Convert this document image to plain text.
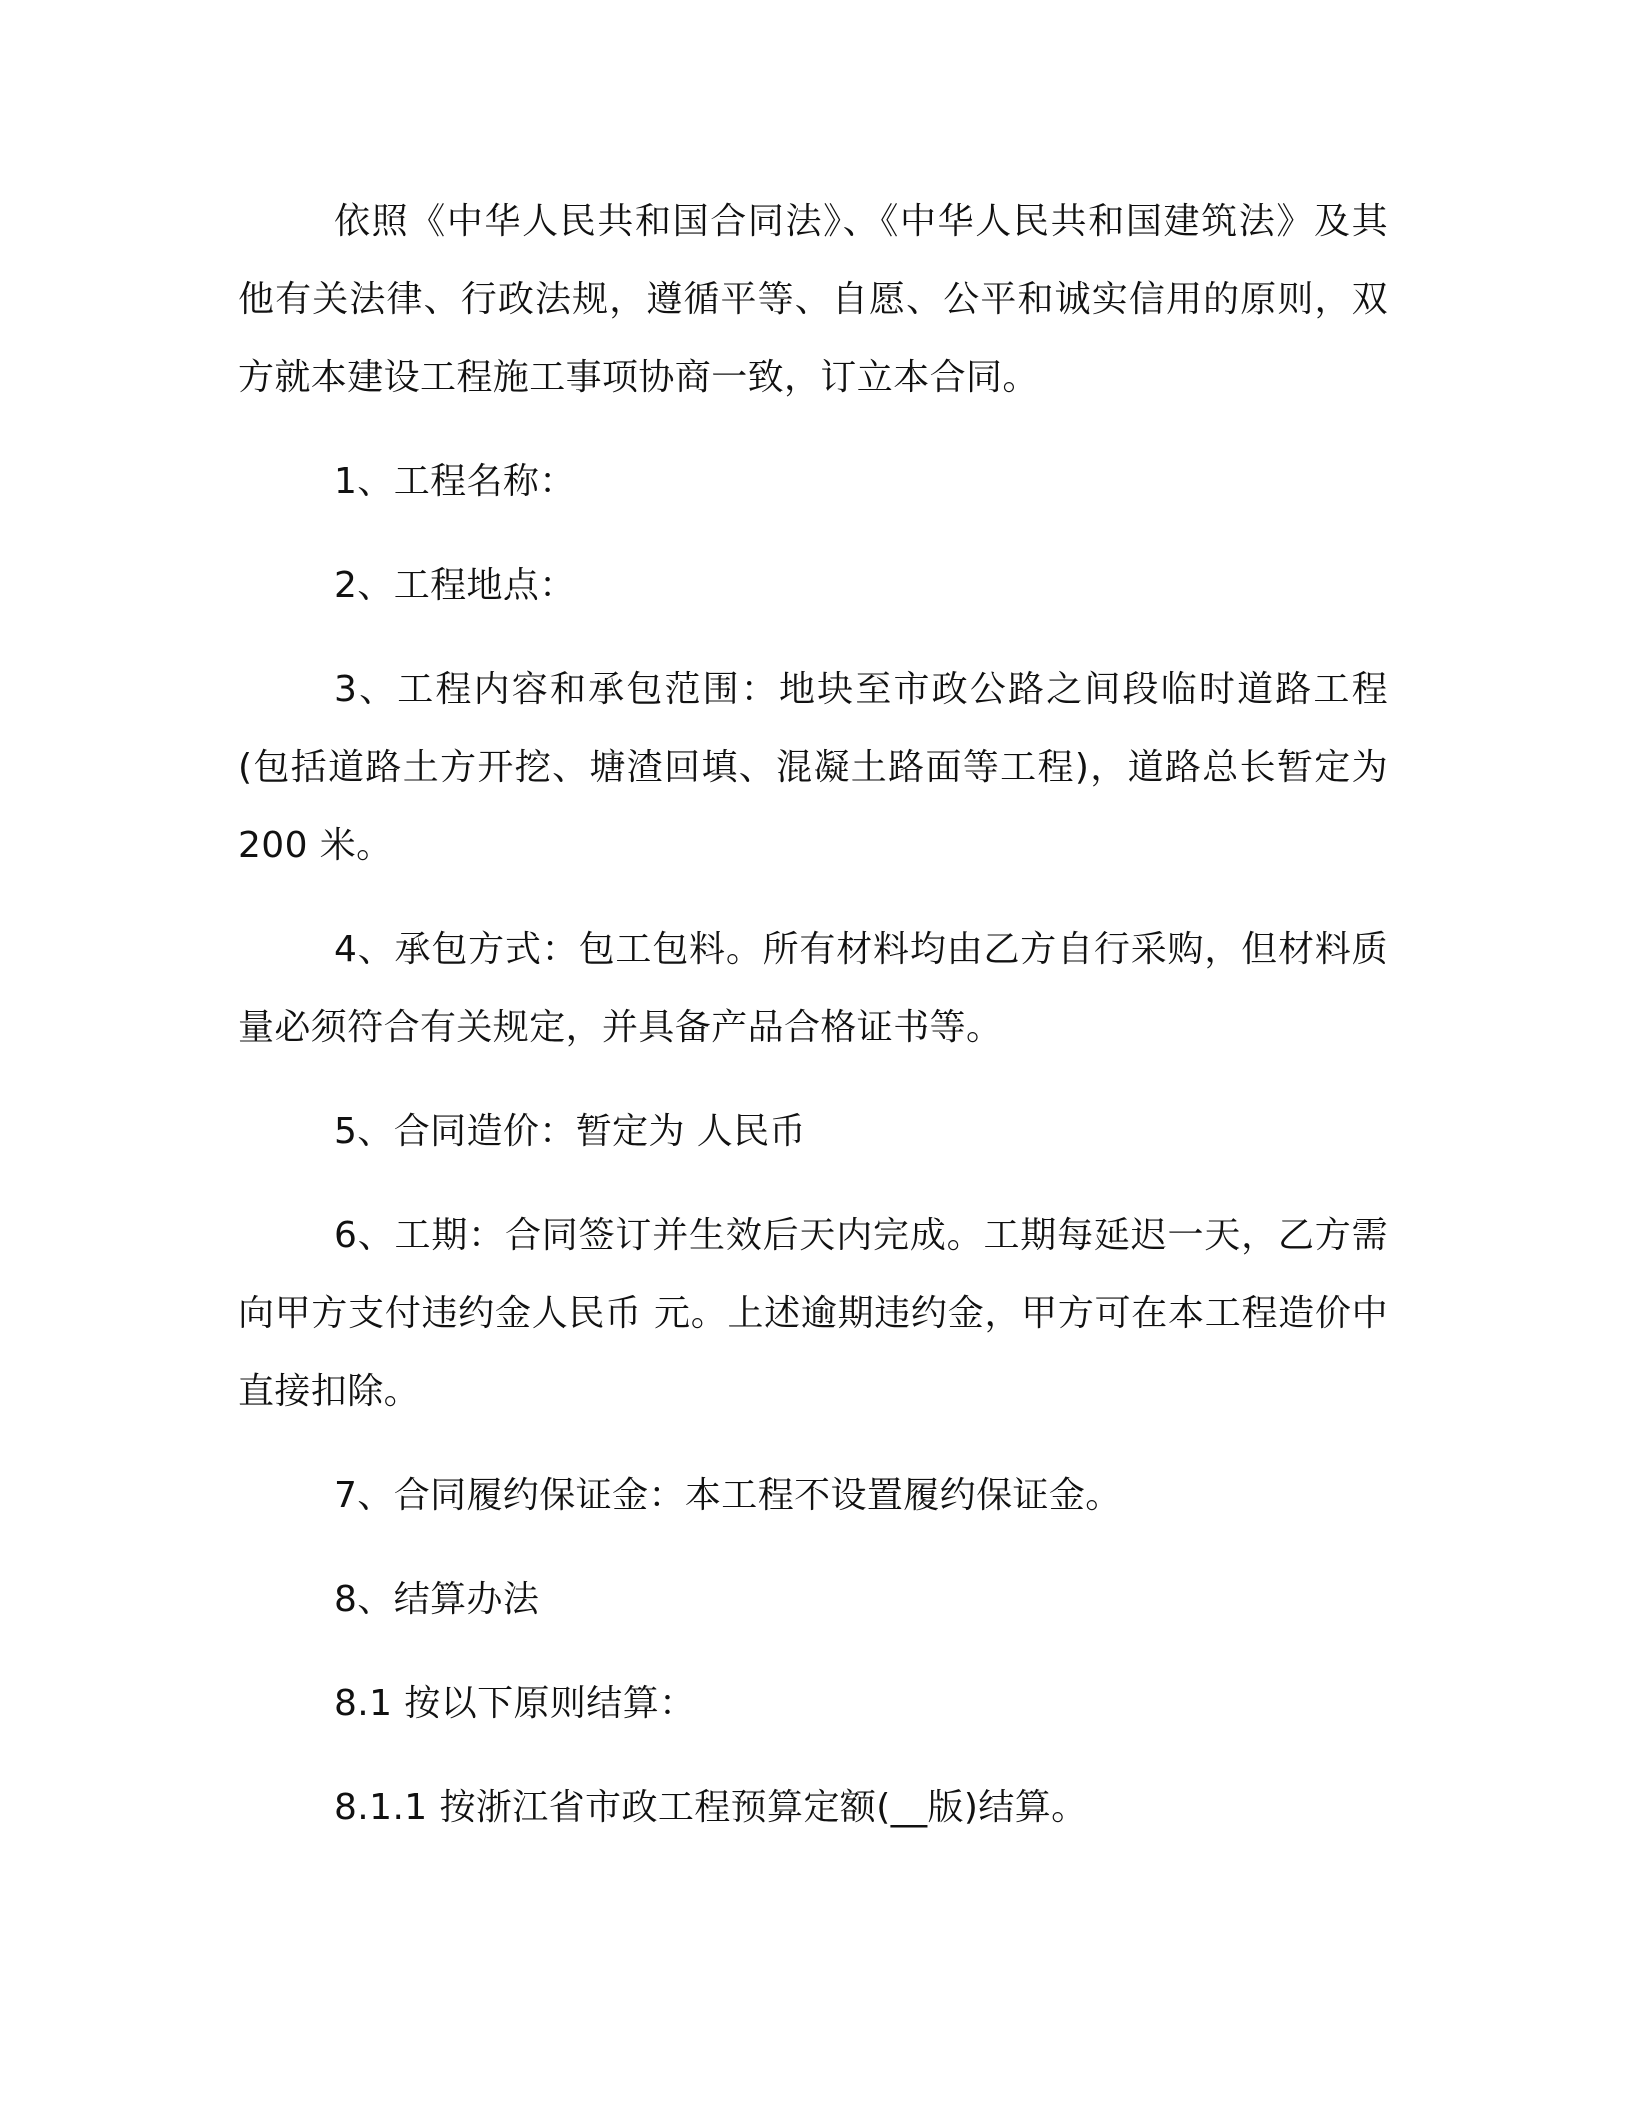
依照《中华人民共和国合同法》、《中华人民共和国建筑法》及其他有关法律、行政法规，遵循平等、自愿、公平和诚实信用的原则，双方就本建设工程施工事项协商一致，订立本合同。

1、工程名称：

2、工程地点：

3、工程内容和承包范围：地块至市政公路之间段临时道路工程(包括道路土方开挖、塘渣回填、混凝土路面等工程)，道路总长暂定为200 米。

4、承包方式：包工包料。所有材料均由乙方自行采购，但材料质量必须符合有关规定，并具备产品合格证书等。

5、合同造价：暂定为 人民币

6、工期：合同签订并生效后天内完成。工期每延迟一天，乙方需向甲方支付违约金人民币 元。上述逾期违约金，甲方可在本工程造价中直接扣除。

7、合同履约保证金：本工程不设置履约保证金。

8、结算办法

8.1 按以下原则结算：

8.1.1 按浙江省市政工程预算定额(__版)结算。
